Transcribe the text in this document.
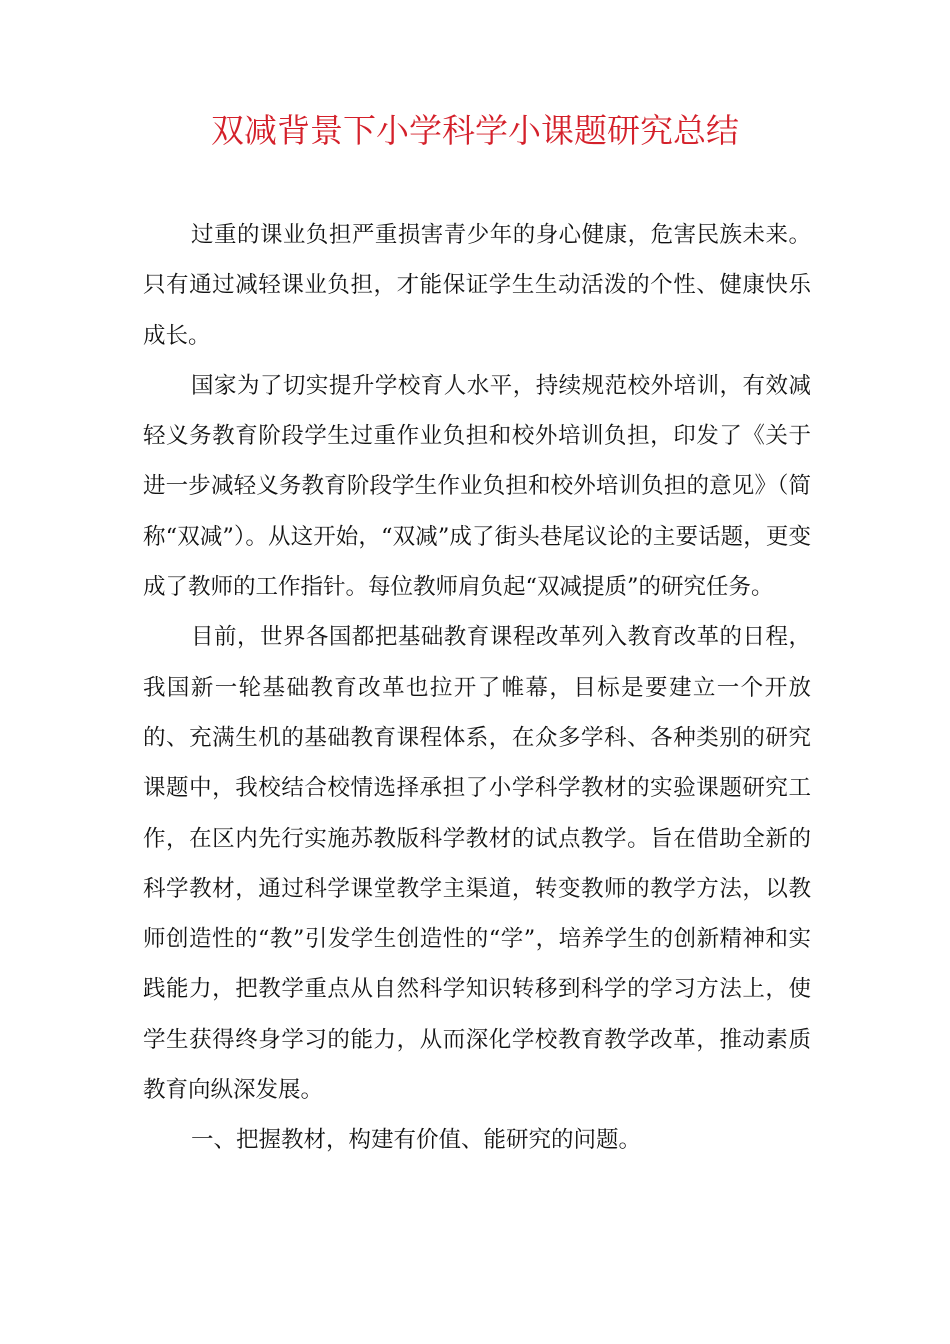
双减背景下小学科学小课题研究总结

过重的课业负担严重损害青少年的身心健康，危害民族未来。只有通过减轻课业负担，才能保证学生生动活泼的个性、健康快乐成长。

国家为了切实提升学校育人水平，持续规范校外培训，有效减轻义务教育阶段学生过重作业负担和校外培训负担，印发了《关于进一步减轻义务教育阶段学生作业负担和校外培训负担的意见》（简称“双减”）。从这开始，“双减”成了街头巷尾议论的主要话题，更变成了教师的工作指针。每位教师肩负起“双减提质”的研究任务。

目前，世界各国都把基础教育课程改革列入教育改革的日程，我国新一轮基础教育改革也拉开了帷幕，目标是要建立一个开放的、充满生机的基础教育课程体系，在众多学科、各种类别的研究课题中，我校结合校情选择承担了小学科学教材的实验课题研究工作，在区内先行实施苏教版科学教材的试点教学。旨在借助全新的科学教材，通过科学课堂教学主渠道，转变教师的教学方法，以教师创造性的“教”引发学生创造性的“学”，培养学生的创新精神和实践能力，把教学重点从自然科学知识转移到科学的学习方法上，使学生获得终身学习的能力，从而深化学校教育教学改革，推动素质教育向纵深发展。

一、把握教材，构建有价值、能研究的问题。
